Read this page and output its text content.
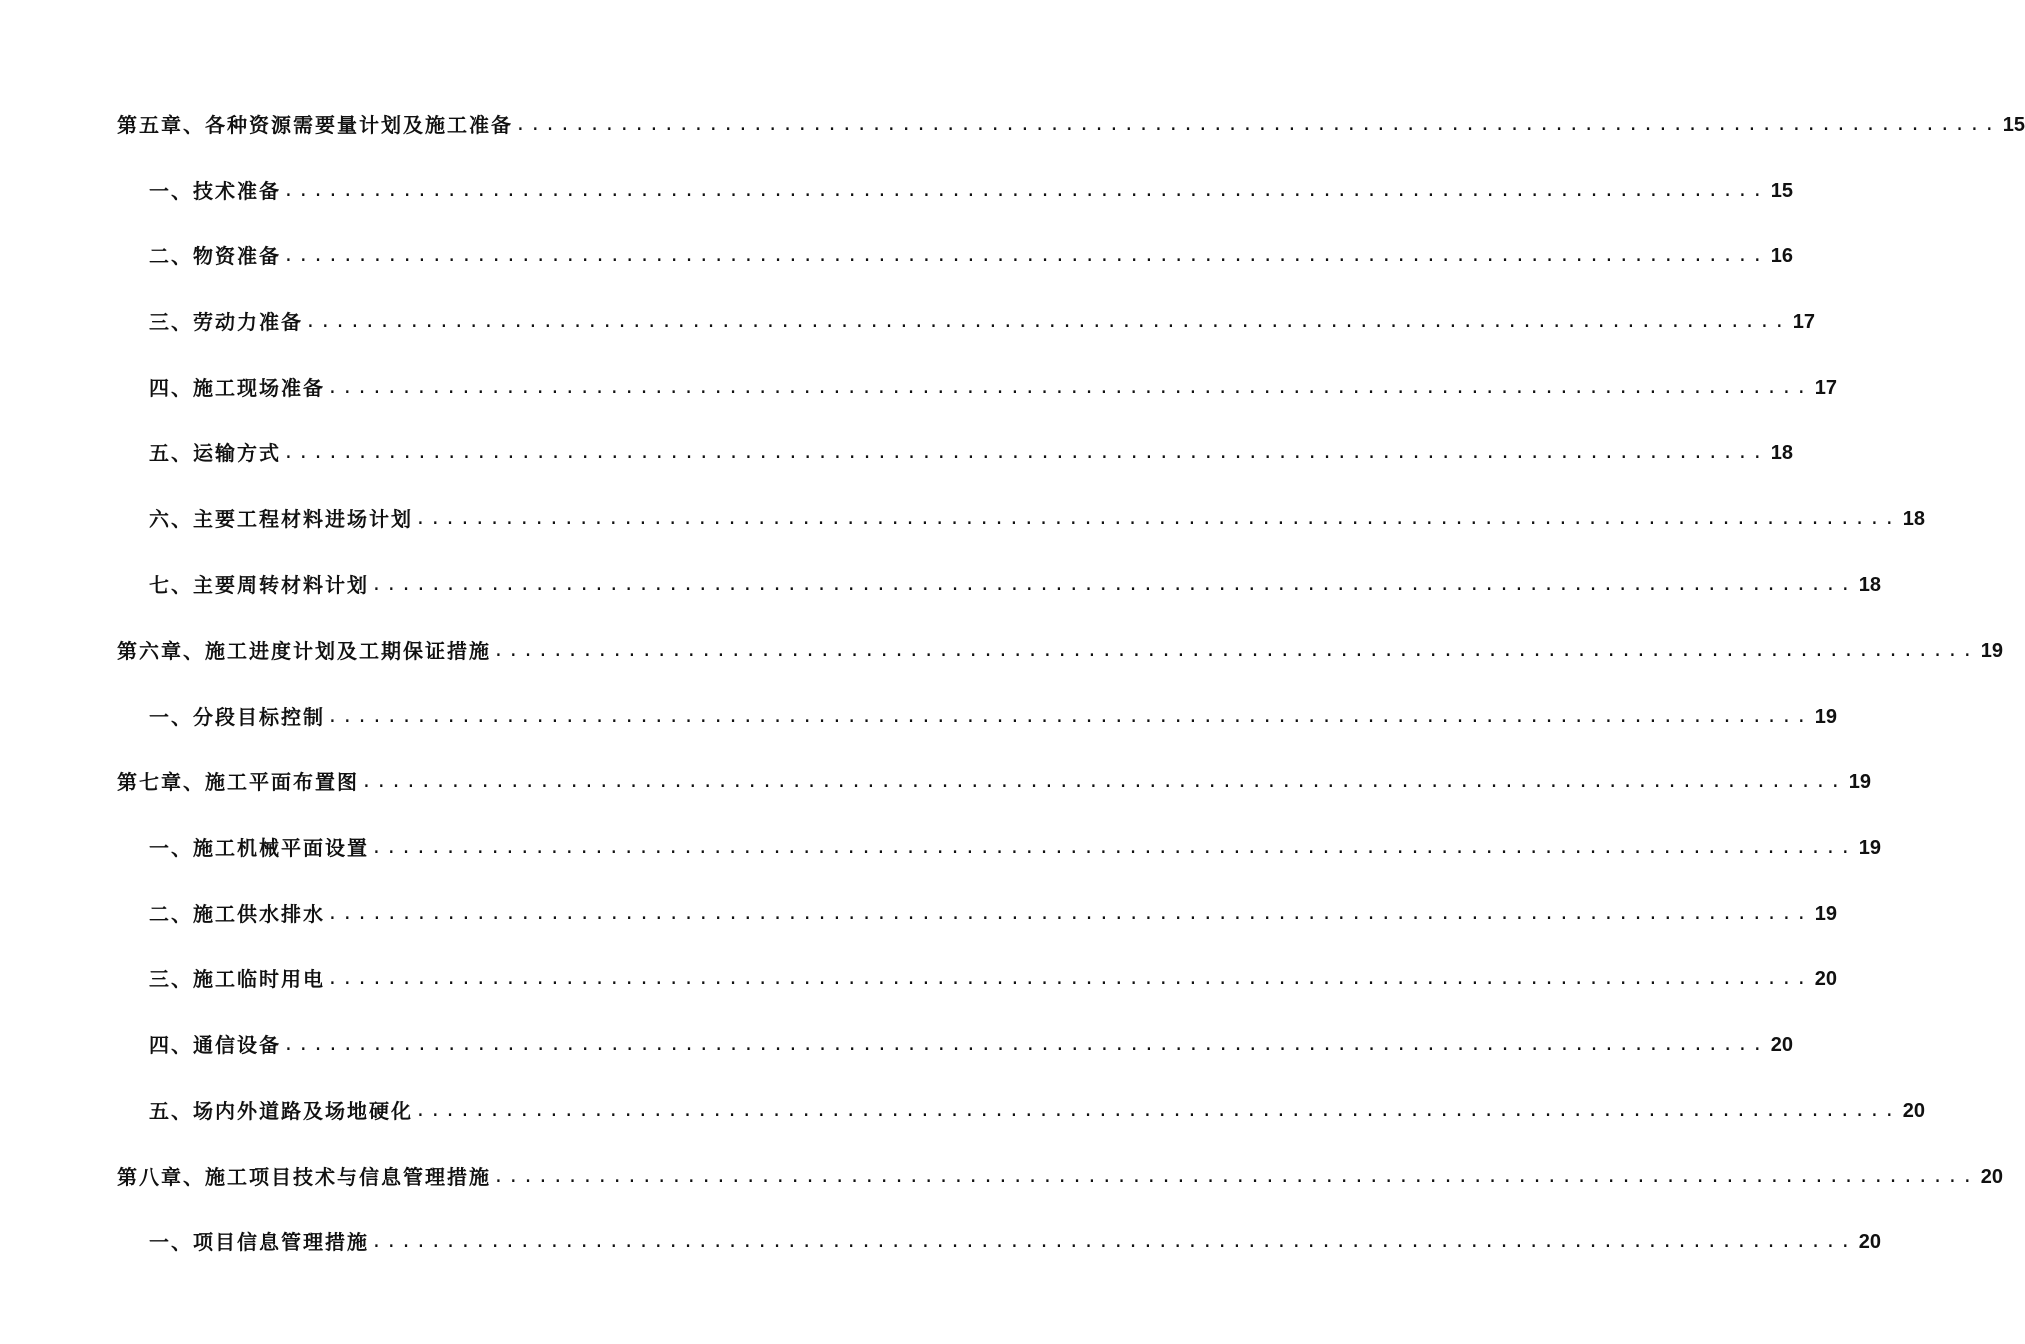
第五章、各种资源需要量计划及施工准备 .................................................................................................... 15
一、技术准备 .................................................................................................... 15
二、物资准备 .................................................................................................... 16
三、劳动力准备 .................................................................................................... 17
四、施工现场准备 .................................................................................................... 17
五、运输方式 .................................................................................................... 18
六、主要工程材料进场计划 .................................................................................................... 18
七、主要周转材料计划 .................................................................................................... 18
第六章、施工进度计划及工期保证措施 .................................................................................................... 19
一、分段目标控制 .................................................................................................... 19
第七章、施工平面布置图 .................................................................................................... 19
一、施工机械平面设置 .................................................................................................... 19
二、施工供水排水 .................................................................................................... 19
三、施工临时用电 .................................................................................................... 20
四、通信设备 .................................................................................................... 20
五、场内外道路及场地硬化 .................................................................................................... 20
第八章、施工项目技术与信息管理措施 .................................................................................................... 20
一、项目信息管理措施 .................................................................................................... 20
